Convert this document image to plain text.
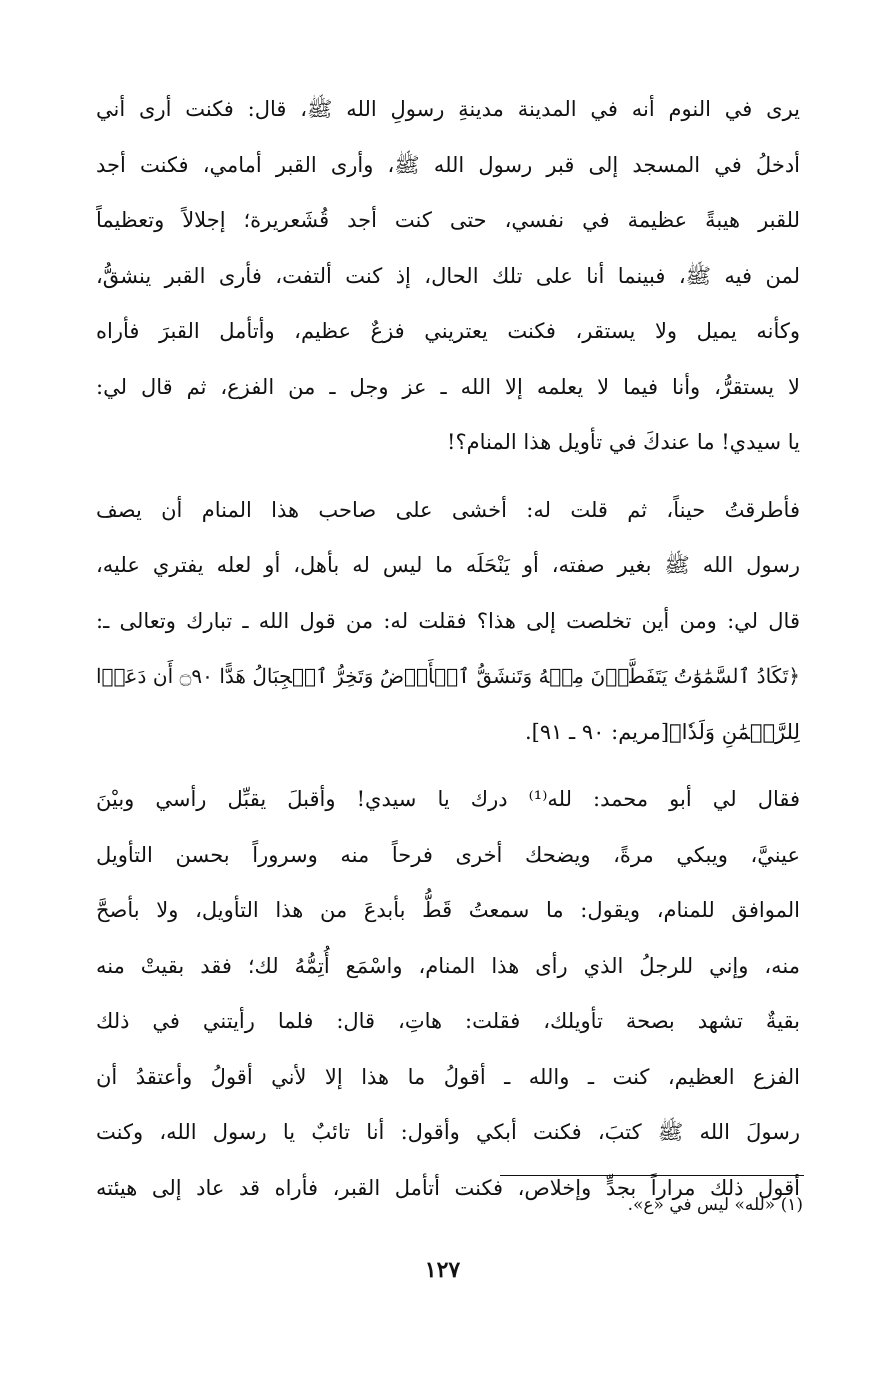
يرى في النوم أنه في المدينة مدينةِ رسولِ الله ﷺ، قال: فكنت أرى أني
أدخلُ في المسجد إلى قبر رسول الله ﷺ، وأرى القبر أمامي، فكنت أجد
للقبر هيبةً عظيمة في نفسي، حتى كنت أجد قُشَعريرة؛ إجلالاً وتعظيماً
لمن فيه ﷺ، فبينما أنا على تلك الحال، إذ كنت ألتفت، فأرى القبر ينشقُّ،
وكأنه يميل ولا يستقر، فكنت يعتريني فزعٌ عظيم، وأتأمل القبرَ فأراه
لا يستقرُّ، وأنا فيما لا يعلمه إلا الله ـ عز وجل ـ من الفزع، ثم قال لي:
يا سيدي! ما عندكَ في تأويل هذا المنام؟!

فأطرقتُ حيناً، ثم قلت له: أخشى على صاحب هذا المنام أن يصف
رسول الله ﷺ بغير صفته، أو يَنْحَلَه ما ليس له بأهل، أو لعله يفتري عليه،
قال لي: ومن أين تخلصت إلى هذا؟ فقلت له: من قول الله ـ تبارك وتعالى ـ:
﴿تَكَادُ ٱلسَّمَٰوَٰتُ يَتَفَطَّرۡنَ مِنۡهُ وَتَنشَقُّ ٱلۡأَرۡضُ وَتَخِرُّ ٱلۡجِبَالُ هَدًّا ۝٩٠ أَن دَعَوۡا
لِلرَّحۡمَٰنِ وَلَدٗا﴾[مريم: ٩٠ ـ ٩١].

فقال لي أبو محمد: لله⁽¹⁾ درك يا سيدي! وأقبلَ يقبِّل رأسي وبيْنَ
عينيَّ، ويبكي مرةً، ويضحك أخرى فرحاً منه وسروراً بحسن التأويل
الموافق للمنام، ويقول: ما سمعتُ قَطُّ بأبدعَ من هذا التأويل، ولا بأصحَّ
منه، وإني للرجلُ الذي رأى هذا المنام، واسْمَع أُتِمُّهُ لك؛ فقد بقيتْ منه
بقيةٌ تشهد بصحة تأويلك، فقلت: هاتِ، قال: فلما رأيتني في ذلك
الفزع العظيم، كنت ـ والله ـ أقولُ ما هذا إلا لأني أقولُ وأعتقدُ أن
رسولَ الله ﷺ كتبَ، فكنت أبكي وأقول: أنا تائبٌ يا رسول الله، وكنت
أقول ذلك مراراً بجدٍّ وإخلاص، فكنت أتأمل القبر، فأراه قد عاد إلى هيئته

(١) «لله» ليس في «ع».
١٢٧
